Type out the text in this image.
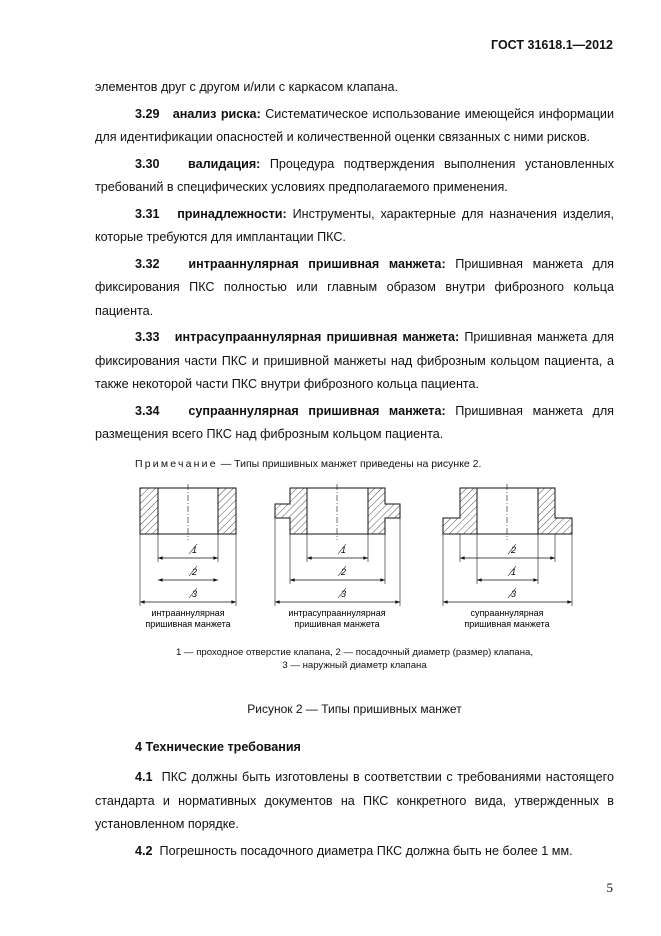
ГОСТ 31618.1—2012

элементов друг с другом и/или с каркасом клапана.

3.29 анализ риска: Систематическое использование имеющейся информации для идентификации опасностей и количественной оценки связанных с ними рисков.

3.30 валидация: Процедура подтверждения выполнения установленных требований в специфических условиях предполагаемого применения.

3.31 принадлежности: Инструменты, характерные для назначения изделия, которые требуются для имплантации ПКС.

3.32 интрааннулярная пришивная манжета: Пришивная манжета для фиксирования ПКС полностью или главным образом внутри фиброзного кольца пациента.

3.33 интрасупрааннулярная пришивная манжета: Пришивная манжета для фиксирования части ПКС и пришивной манжеты над фиброзным кольцом пациента, а также некоторой части ПКС внутри фиброзного кольца пациента.

3.34 супрааннулярная пришивная манжета: Пришивная манжета для размещения всего ПКС над фиброзным кольцом пациента.

Примечание — Типы пришивных манжет приведены на рисунке 2.
1
2
3
интрааннулярная
пришивная манжета
1
2
3
интрасупрааннулярная
пришивная манжета
2
1
3
супрааннулярная
пришивная манжета
1 — проходное отверстие клапана, 2 — посадочный диаметр (размер) клапана,
3 — наружный диаметр клапана
Рисунок 2 — Типы пришивных манжет
4 Технические требования

4.1 ПКС должны быть изготовлены в соответствии с требованиями настоящего стандарта и нормативных документов на ПКС конкретного вида, утвержденных в установленном порядке.

4.2 Погрешность посадочного диаметра ПКС должна быть не более 1 мм.

5
